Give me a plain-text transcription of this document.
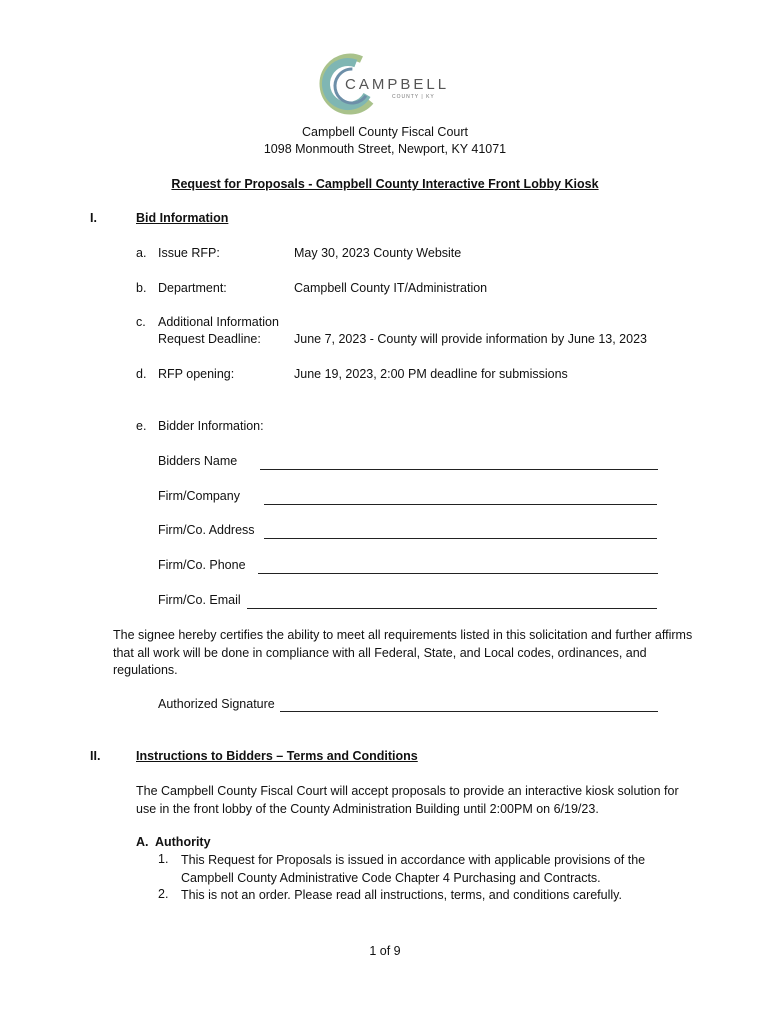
CAMPBELL
COUNTY | KY
Campbell County Fiscal Court
1098 Monmouth Street, Newport, KY 41071
Request for Proposals - Campbell County Interactive Front Lobby Kiosk
I.	Bid Information
a. Issue RFP:	May 30, 2023 County Website
b. Department:	Campbell County IT/Administration
c. Additional Information
Request Deadline:	June 7, 2023 - County will provide information by June 13, 2023
d. RFP opening:	June 19, 2023, 2:00 PM deadline for submissions
e. Bidder Information:
Bidders Name
Firm/Company
Firm/Co. Address
Firm/Co. Phone
Firm/Co. Email
The signee hereby certifies the ability to meet all requirements listed in this solicitation and further affirms that all work will be done in compliance with all Federal, State, and Local codes, ordinances, and regulations.
Authorized Signature
II.	Instructions to Bidders – Terms and Conditions
The Campbell County Fiscal Court will accept proposals to provide an interactive kiosk solution for use in the front lobby of the County Administration Building until 2:00PM on 6/19/23.
A.  Authority
1. This Request for Proposals is issued in accordance with applicable provisions of the Campbell County Administrative Code Chapter 4 Purchasing and Contracts.
2. This is not an order. Please read all instructions, terms, and conditions carefully.
1 of 9
